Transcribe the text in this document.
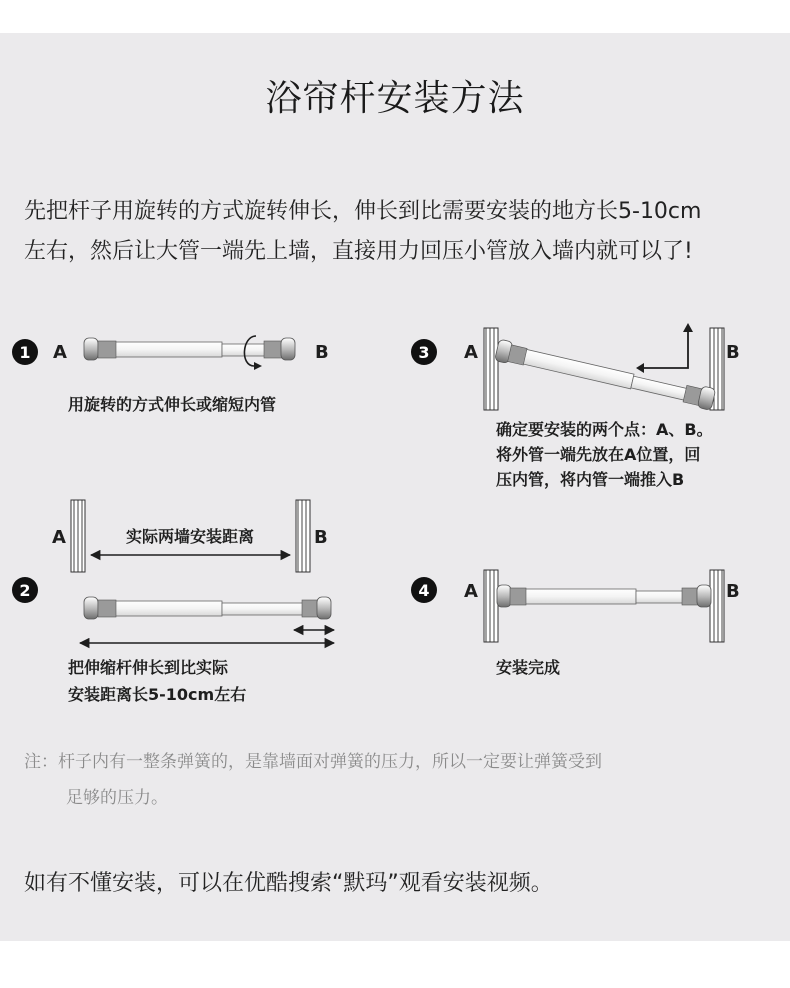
浴帘杆安装方法
先把杆子用旋转的方式旋转伸长，伸长到比需要安装的地方长5-10cm
左右，然后让大管一端先上墙，直接用力回压小管放入墙内就可以了!
1 A	B
用旋转的方式伸长或缩短内管
3 A	B
确定要安装的两个点：A、B。
将外管一端先放在A位置，回
压内管，将内管一端推入B
A	B
实际两墙安装距离
2
把伸缩杆伸长到比实际
安装距离长5-10cm左右
4 A	B
安装完成
注：杆子内有一整条弹簧的，是靠墙面对弹簧的压力，所以一定要让弹簧受到
足够的压力。
如有不懂安装，可以在优酷搜索“默玛”观看安装视频。
